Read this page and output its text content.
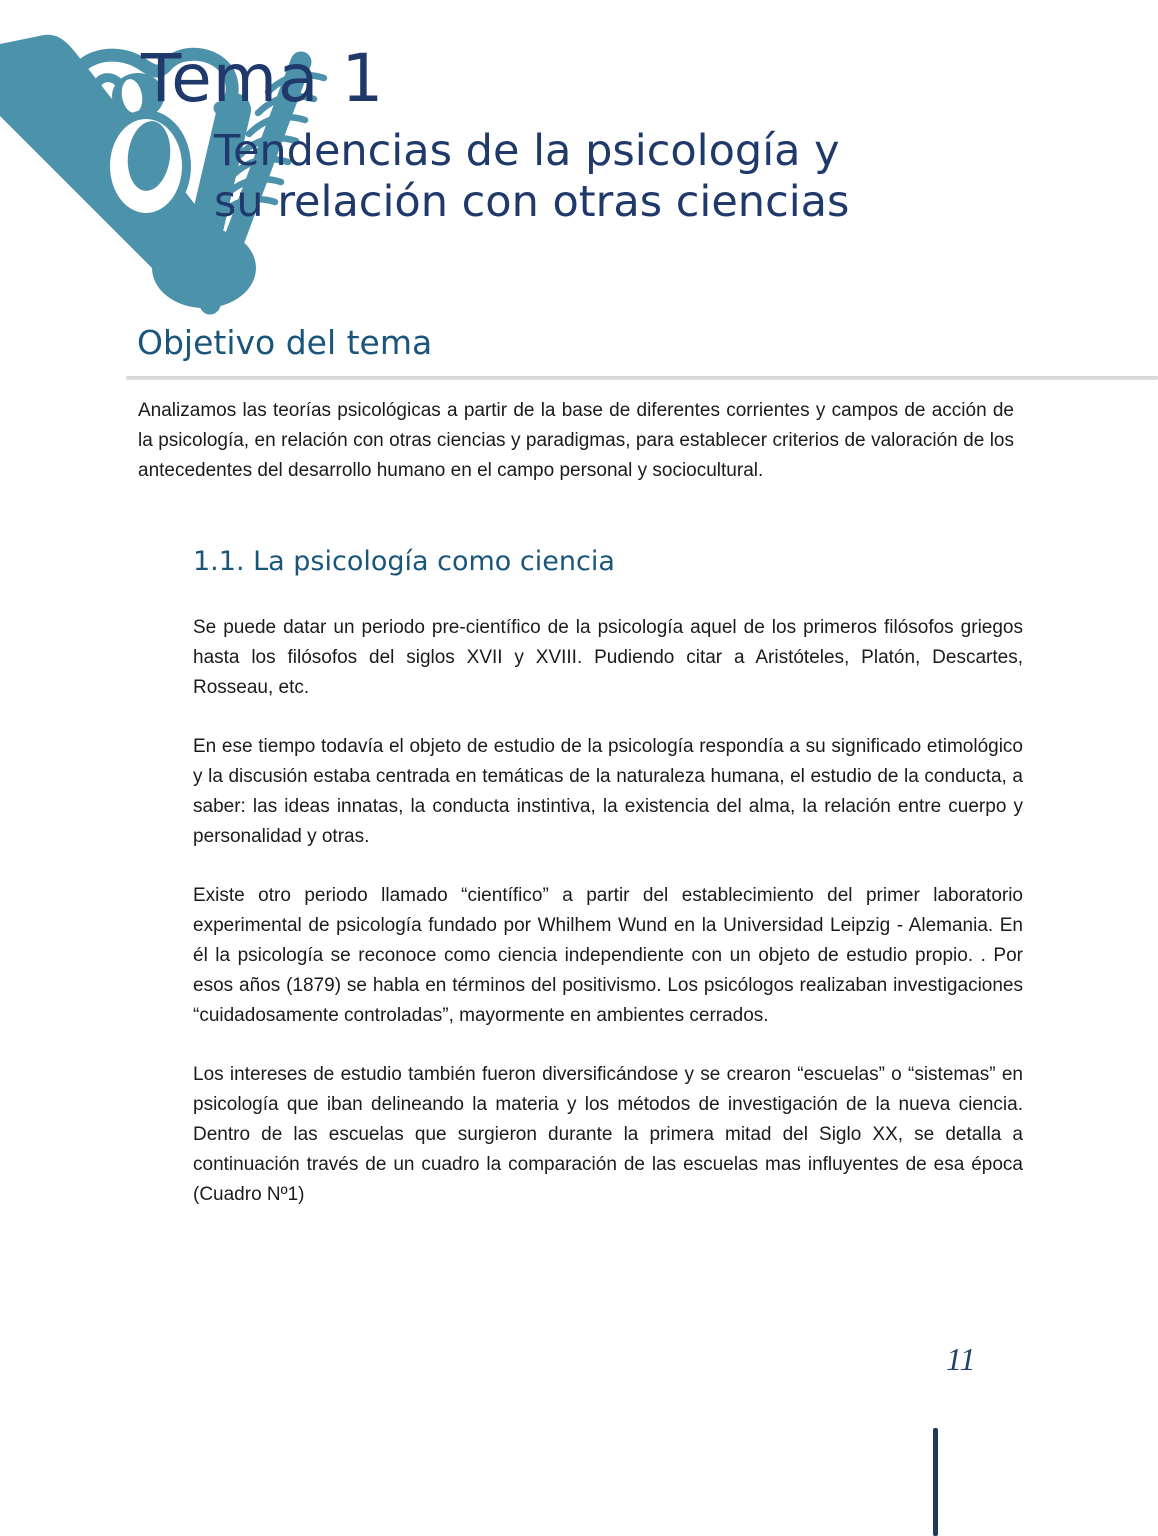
Tema 1
Tendencias de la psicología y
su relación con otras ciencias
Objetivo del tema

Analizamos las teorías psicológicas a partir de la base de diferentes corrientes y campos de acción de la psicología, en relación con otras ciencias y paradigmas, para establecer criterios de valoración de los antecedentes del desarrollo humano en el campo personal y sociocultural.

1.1. La psicología como ciencia

Se puede datar un periodo pre-científico de la psicología aquel de los primeros filósofos griegos hasta los filósofos del siglos XVII y XVIII. Pudiendo citar a Aristóteles, Platón, Descartes, Rosseau, etc.

En ese tiempo todavía el objeto de estudio de la psicología respondía a su significado etimológico y la discusión estaba centrada en temáticas de la naturaleza humana, el estudio de la conducta, a saber: las ideas innatas, la conducta instintiva, la existencia del alma, la relación entre cuerpo y personalidad y otras.

Existe otro periodo llamado “científico” a partir del establecimiento del primer laboratorio experimental de psicología fundado por Whilhem Wund en la Universidad Leipzig - Alemania. En él la psicología se reconoce como ciencia independiente con un objeto de estudio propio. . Por esos años (1879) se habla en términos del positivismo. Los psicólogos realizaban investigaciones “cuidadosamente controladas”, mayormente en ambientes cerrados.

Los intereses de estudio también fueron diversificándose y se crearon “escuelas” o “sistemas” en psicología que iban delineando la materia y los métodos de investigación de la nueva ciencia. Dentro de las escuelas que surgieron durante la primera mitad del Siglo XX, se detalla a continuación través de un cuadro la comparación de las escuelas mas influyentes de esa época (Cuadro Nº1)

11
